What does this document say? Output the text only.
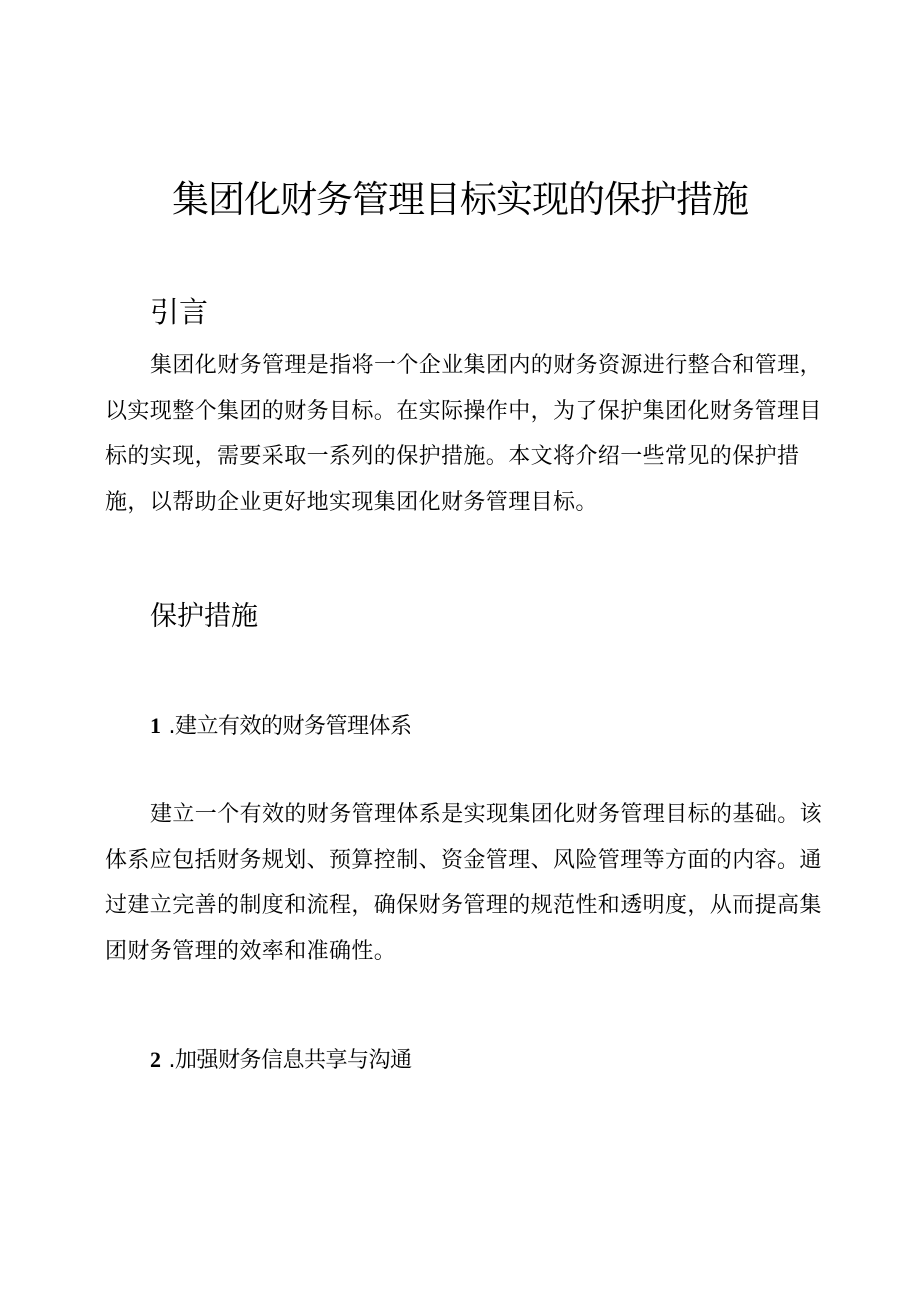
集团化财务管理目标实现的保护措施
引言

集团化财务管理是指将一个企业集团内的财务资源进行整合和管理，以实现整个集团的财务目标。在实际操作中，为了保护集团化财务管理目标的实现，需要采取一系列的保护措施。本文将介绍一些常见的保护措施，以帮助企业更好地实现集团化财务管理目标。

保护措施
1 .建立有效的财务管理体系

建立一个有效的财务管理体系是实现集团化财务管理目标的基础。该体系应包括财务规划、预算控制、资金管理、风险管理等方面的内容。通过建立完善的制度和流程，确保财务管理的规范性和透明度，从而提高集团财务管理的效率和准确性。

2 .加强财务信息共享与沟通
